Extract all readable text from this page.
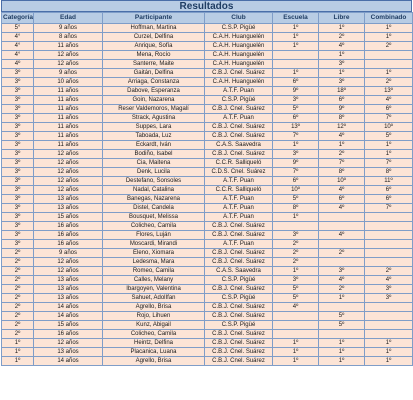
Resultados
Categoría	Edad	Participante	Club	Escuela	Libre	Combinado
5°	9 años	Hoffman, Martina	C.S.P. Pigüé	1º	1º	1º
4°	8 años	Curzel, Delfina	C.A.H. Huanguelén	1º	2º	1º
4°	11 años	Anrique, Sofía	C.A.H. Huanguelén	1º	4º	2º
4°	12 años	Mena, Rocío	C.A.H. Huanguelén		1º	
4º	12 años	Santerre, Maite	C.A.H. Huanguelén		3º	
3º	9 años	Gaitán, Delfina	C.B.J. Cnel. Suárez	1º	1º	1º
3º	10 años	Arriaga, Constanza	C.A.H. Huanguelén	6º	3º	2º
3º	11 años	Dabove, Esperanza	A.T.F. Puan	9º	18º	13º
3º	11 años	Goin, Nazarena	C.S.P. Pigüé	3º	6º	4º
3º	11 años	Reser Valdemoros, Magalí	C.B.J. Cnel. Suárez	5º	9º	6º
3º	11 años	Strack, Agustina	A.T.F. Puan	6º	8º	7º
3º	11 años	Suppes, Lara	C.B.J. Cnel. Suárez	13º	12º	10º
3º	11 años	Taboada, Luz	C.B.J. Cnel. Suárez	7º	4º	5º
3º	11 años	Eckardt, Iván	C.A.S. Saavedra	1º	1º	1º
3º	12 años	Bodiño, Isabel	C.B.J. Cnel. Suárez	3º	2º	1º
3º	12 años	Cia, Maitena	C.C.R. Salliqueló	9º	7º	7º
3º	12 años	Denk, Lucila	C.D.S. Cnel. Suárez	7º	8º	8º
3º	12 años	Destefano, Sonsoles	A.T.F. Puan	6º	10º	11º
3º	12 años	Nadal, Catalina	C.C.R. Salliqueló	10º	4º	6º
3º	13 años	Banegas, Nazarena	A.T.F. Puan	5º	6º	6º
3º	13 años	Distel, Candela	A.T.F. Puan	8º	4º	7º
3º	15 años	Bousquet, Melissa	A.T.F. Puan	1º		
3º	16 años	Colicheo, Camila	C.B.J. Cnel. Suárez			
3º	16 años	Flores, Luján	C.B.J. Cnel. Suárez	3º	4º	
3º	16 años	Moscardi, Mirandi	A.T.F. Puan	2º		
2º	9 años	Eleno, Xiomara	C.B.J. Cnel. Suárez	2º	2º	
2º	12 años	Ledesma, Mara	C.B.J. Cnel. Suárez	2º		
2º	12 años	Romeo, Camila	C.A.S. Saavedra	1º	3º	2º
2º	13 años	Calles, Melany	C.S.P. Pigüé	3º	4º	4º
2º	13 años	Ibargoyen, Valentina	C.B.J. Cnel. Suárez	5º	2º	3º
2º	13 años	Sahuet, AdolIfan	C.S.P. Pigüé	5º	1º	3º
2º	14 años	Agrello, Brisa	C.B.J. Cnel. Suárez	4º		
2º	14 años	Rojo, Lihuen	C.B.J. Cnel. Suárez		5º	
2º	15 años	Kunz, Abigail	C.S.P. Pigüé		5º	
2º	16 años	Colicheo, Camila	C.B.J. Cnel. Suárez			
1º	12 años	Heintz, Delfina	C.B.J. Cnel. Suárez	1º	1º	1º
1º	13 años	Placanica, Luana	C.B.J. Cnel. Suárez	1º	1º	1º
1º	14 años	Agrello, Brisa	C.B.J. Cnel. Suárez	1º	1º	1º
